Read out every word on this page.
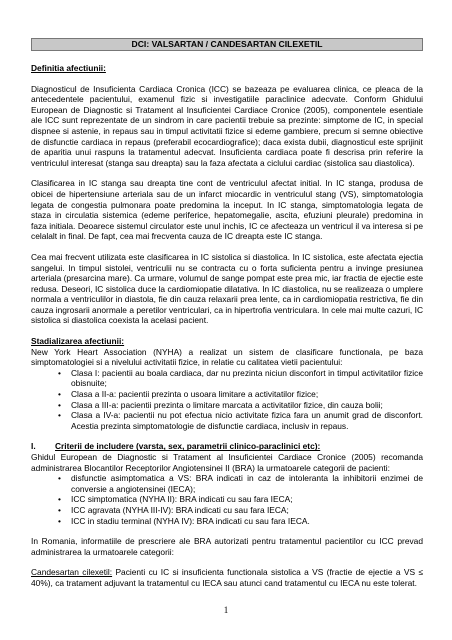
DCI: VALSARTAN / CANDESARTAN CILEXETIL

Definitia afectiunii:

Diagnosticul de Insuficienta Cardiaca Cronica (ICC) se bazeaza pe evaluarea clinica, ce pleaca de la antecedentele pacientului, examenul fizic si investigatiile paraclinice adecvate. Conform Ghidului European de Diagnostic si Tratament al Insuficientei Cardiace Cronice (2005), componentele esentiale ale ICC sunt reprezentate de un sindrom in care pacientii trebuie sa prezinte: simptome de IC, in special dispnee si astenie, in repaus sau in timpul activitatii fizice si edeme gambiere, precum si semne obiective de disfunctie cardiaca in repaus (preferabil ecocardiografice); daca exista dubii, diagnosticul este sprijinit de aparitia unui raspuns la tratamentul adecvat. Insuficienta cardiaca poate fi descrisa prin referire la ventriculul interesat (stanga sau dreapta) sau la faza afectata a ciclului cardiac (sistolica sau diastolica).

Clasificarea in IC stanga sau dreapta tine cont de ventriculul afectat initial. In IC stanga, produsa de obicei de hipertensiune arteriala sau de un infarct miocardic in ventriculul stang (VS), simptomatologia legata de congestia pulmonara poate predomina la inceput. In IC stanga, simptomatologia legata de staza in circulatia sistemica (edeme periferice, hepatomegalie, ascita, efuziuni pleurale) predomina in faza initiala. Deoarece sistemul circulator este unul inchis, IC ce afecteaza un ventricul il va interesa si pe celalalt in final. De fapt, cea mai frecventa cauza de IC dreapta este IC stanga.

Cea mai frecvent utilizata este clasificarea in IC sistolica si diastolica. In IC sistolica, este afectata ejectia sangelui. In timpul sistolei, ventriculii nu se contracta cu o forta suficienta pentru a invinge presiunea arteriala (presarcina mare). Ca urmare, volumul de sange pompat este prea mic, iar fractia de ejectie este redusa. Deseori, IC sistolica duce la cardiomiopatie dilatativa. In IC diastolica, nu se realizeaza o umplere normala a ventriculilor in diastola, fie din cauza relaxarii prea lente, ca in cardiomiopatia restrictiva, fie din cauza ingrosarii anormale a peretilor ventriculari, ca in hipertrofia ventriculara. In cele mai multe cazuri, IC sistolica si diastolica coexista la acelasi pacient.

Stadializarea afectiunii:

New York Heart Association (NYHA) a realizat un sistem de clasificare functionala, pe baza simptomatologiei si a nivelului activitatii fizice, in relatie cu calitatea vietii pacientului:

• Clasa I: pacientii au boala cardiaca, dar nu prezinta niciun disconfort in timpul activitatilor fizice obisnuite;
• Clasa a II-a: pacientii prezinta o usoara limitare a activitatilor fizice;
• Clasa a III-a: pacientii prezinta o limitare marcata a activitatilor fizice, din cauza bolii;
• Clasa a IV-a: pacientii nu pot efectua nicio activitate fizica fara un anumit grad de disconfort. Acestia prezinta simptomatologie de disfunctie cardiaca, inclusiv in repaus.
I.	Criterii de includere (varsta, sex, parametrii clinico-paraclinici etc):

Ghidul European de Diagnostic si Tratament al Insuficientei Cardiace Cronice (2005) recomanda administrarea Blocantilor Receptorilor Angiotensinei II (BRA) la urmatoarele categorii de pacienti:

• disfunctie asimptomatica a VS: BRA indicati in caz de intoleranta la inhibitorii enzimei de conversie a angiotensinei (IECA);
• ICC simptomatica (NYHA II): BRA indicati cu sau fara IECA;
• ICC agravata (NYHA III-IV): BRA indicati cu sau fara IECA;
• ICC in stadiu terminal (NYHA IV): BRA indicati cu sau fara IECA.

In Romania, informatiile de prescriere ale BRA autorizati pentru tratamentul pacientilor cu ICC prevad administrarea la urmatoarele categorii:

Candesartan cilexetil: Pacienti cu IC si insuficienta functionala sistolica a VS (fractie de ejectie a VS ≤ 40%), ca tratament adjuvant la tratamentul cu IECA sau atunci cand tratamentul cu IECA nu este tolerat.

1
